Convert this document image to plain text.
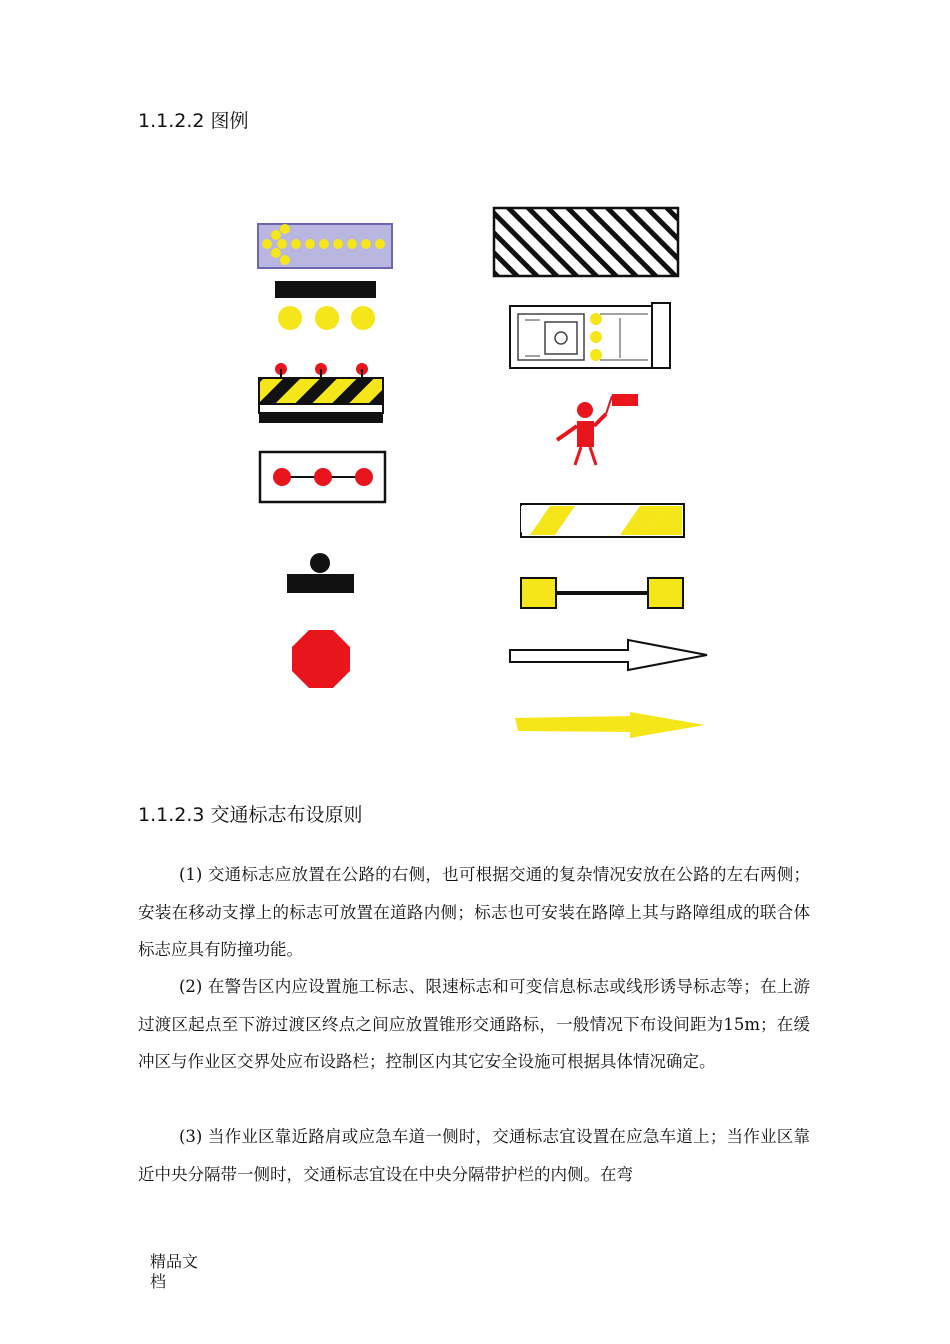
1.1.2.2 图例
1.1.2.3 交通标志布设原则

(1) 交通标志应放置在公路的右侧，也可根据交通的复杂情况安放在公路的左右两侧；安装在移动支撑上的标志可放置在道路内侧；标志也可安装在路障上其与路障组成的联合体标志应具有防撞功能。

(2) 在警告区内应设置施工标志、限速标志和可变信息标志或线形诱导标志等；在上游过渡区起点至下游过渡区终点之间应放置锥形交通路标，一般情况下布设间距为15m；在缓冲区与作业区交界处应布设路栏；控制区内其它安全设施可根据具体情况确定。

(3) 当作业区靠近路肩或应急车道一侧时，交通标志宜设置在应急车道上；当作业区靠近中央分隔带一侧时，交通标志宜设在中央分隔带护栏的内侧。在弯

精品文档
